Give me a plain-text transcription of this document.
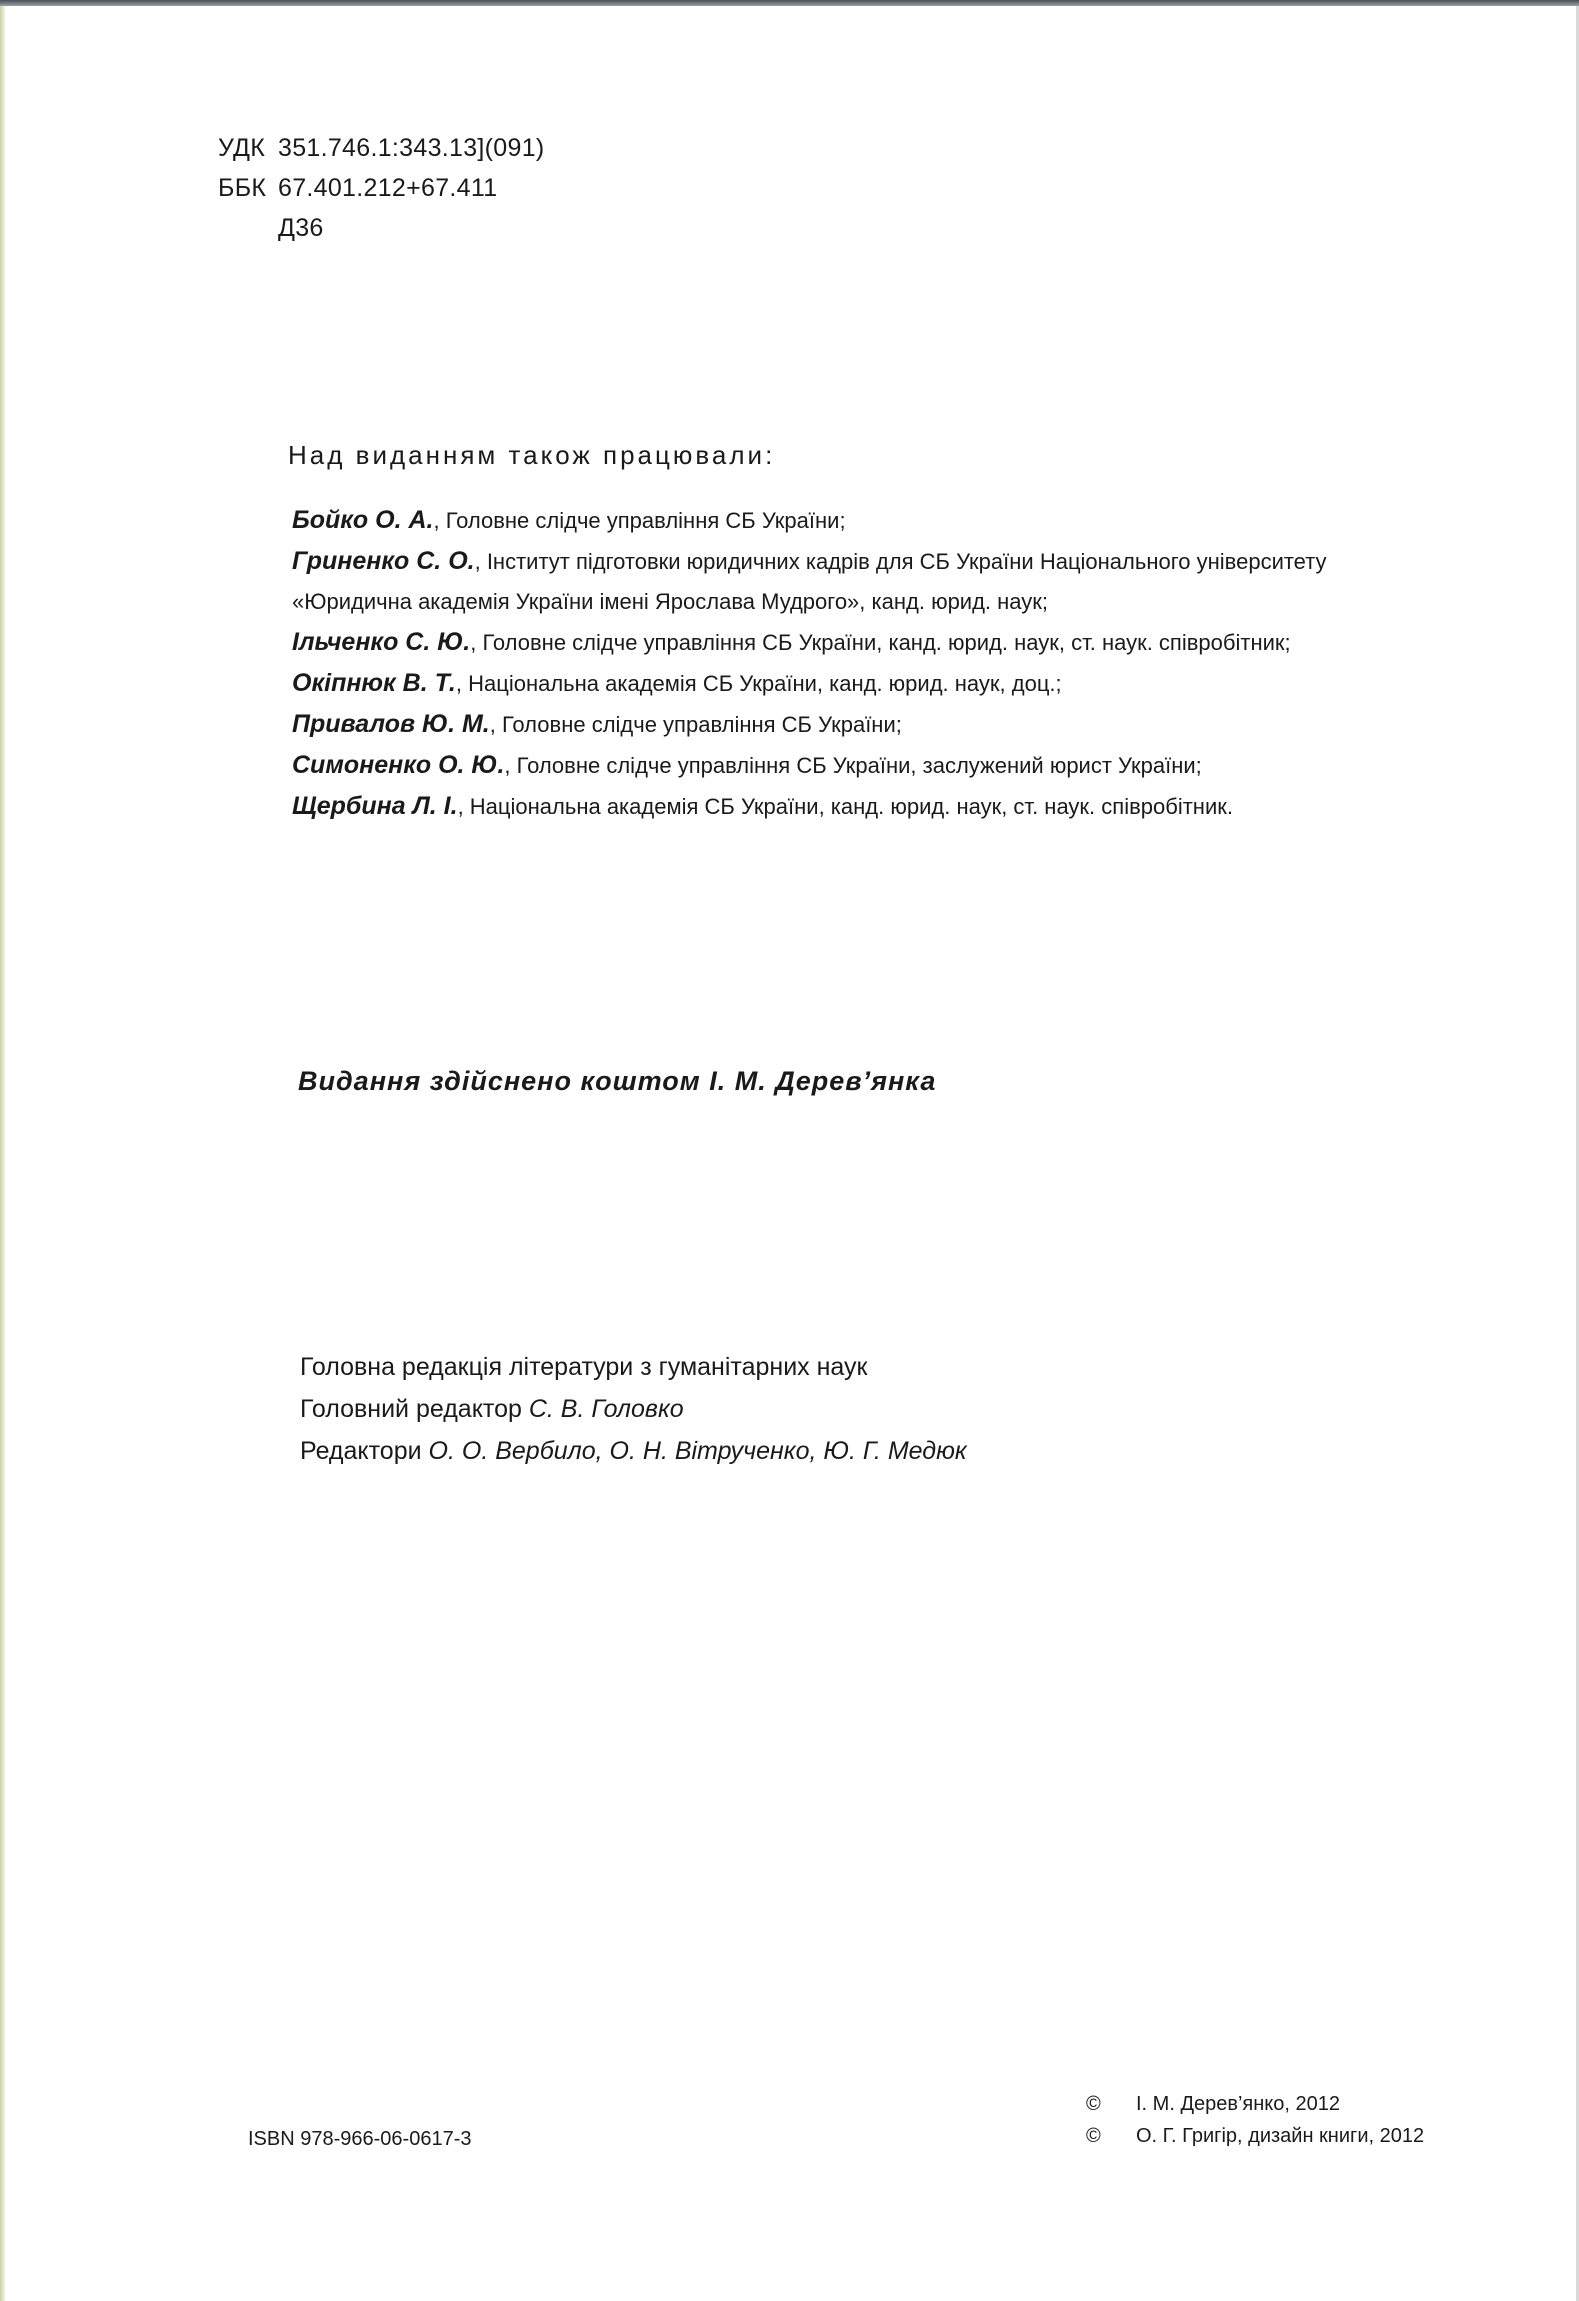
УДК 351.746.1:343.13](091)
ББК 67.401.212+67.411
Д36
Над виданням також працювали:
Бойко О. А., Головне слідче управління СБ України;
Гриненко С. О., Інститут підготовки юридичних кадрів для СБ України Національного університету
«Юридична академія України імені Ярослава Мудрого», канд. юрид. наук;
Ільченко С. Ю., Головне слідче управління СБ України, канд. юрид. наук, ст. наук. співробітник;
Окіпнюк В. Т., Національна академія СБ України, канд. юрид. наук, доц.;
Привалов Ю. М., Головне слідче управління СБ України;
Симоненко О. Ю., Головне слідче управління СБ України, заслужений юрист України;
Щербина Л. І., Національна академія СБ України, канд. юрид. наук, ст. наук. співробітник.
Видання здійснено коштом І. М. Дерев’янка
Головна редакція літератури з гуманітарних наук
Головний редактор С. В. Головко
Редактори О. О. Вербило, О. Н. Вітрученко, Ю. Г. Медюк
ISBN 978-966-06-0617-3
© І. М. Дерев’янко, 2012
© О. Г. Григір, дизайн книги, 2012
